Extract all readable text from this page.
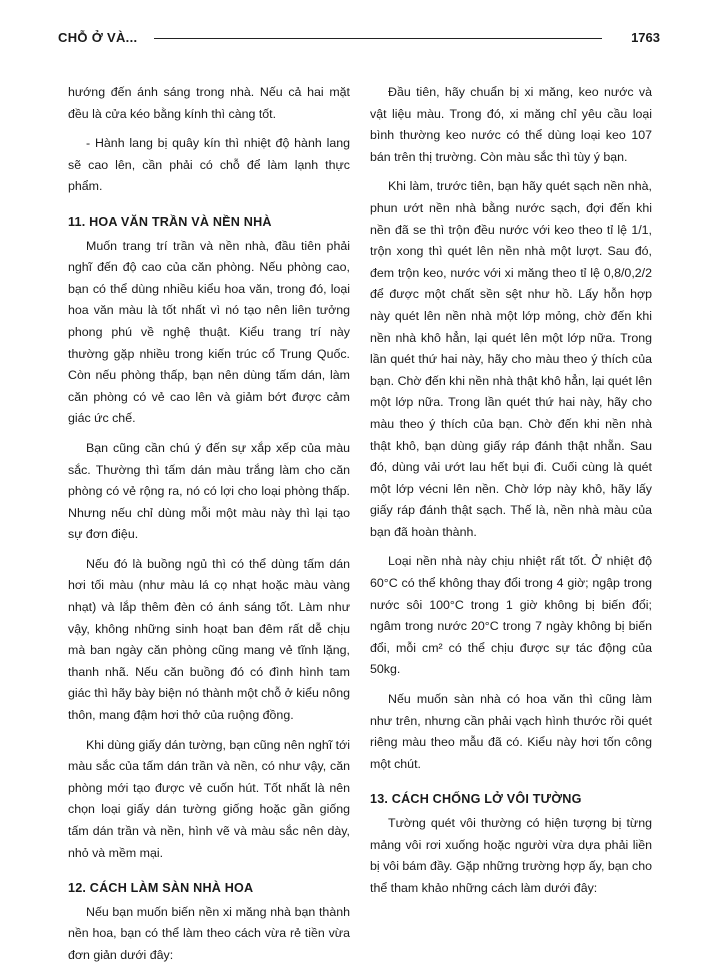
CHỖ Ở VÀ...	1763

hướng đến ánh sáng trong nhà. Nếu cả hai mặt đều là cửa kéo bằng kính thì càng tốt.

- Hành lang bị quây kín thì nhiệt độ hành lang sẽ cao lên, cần phải có chỗ để làm lạnh thực phẩm.

11. HOA VĂN TRẦN VÀ NỀN NHÀ

Muốn trang trí trần và nền nhà, đầu tiên phải nghĩ đến độ cao của căn phòng. Nếu phòng cao, bạn có thể dùng nhiều kiểu hoa văn, trong đó, loại hoa văn màu là tốt nhất vì nó tạo nên liên tưởng phong phú về nghệ thuật. Kiểu trang trí này thường gặp nhiều trong kiến trúc cổ Trung Quốc. Còn nếu phòng thấp, bạn nên dùng tấm dán, làm căn phòng có vẻ cao lên và giảm bớt được cảm giác ức chế.

Bạn cũng cần chú ý đến sự xắp xếp của màu sắc. Thường thì tấm dán màu trắng làm cho căn phòng có vẻ rộng ra, nó có lợi cho loại phòng thấp. Nhưng nếu chỉ dùng mỗi một màu này thì lại tạo sự đơn điệu.

Nếu đó là buồng ngủ thì có thể dùng tấm dán hơi tối màu (như màu lá cọ nhạt hoặc màu vàng nhạt) và lắp thêm đèn có ánh sáng tốt. Làm như vậy, không những sinh hoạt ban đêm rất dễ chịu mà ban ngày căn phòng cũng mang vẻ tĩnh lặng, thanh nhã. Nếu căn buồng đó có đình hình tam giác thì hãy bày biện nó thành một chỗ ở kiểu nông thôn, mang đậm hơi thở của ruộng đồng.

Khi dùng giấy dán tường, bạn cũng nên nghĩ tới màu sắc của tấm dán trần và nền, có như vậy, căn phòng mới tạo được vẻ cuốn hút. Tốt nhất là nên chọn loại giấy dán tường giống hoặc gần giống tấm dán trần và nền, hình vẽ và màu sắc nên dày, nhỏ và mềm mại.

12. CÁCH LÀM SÀN NHÀ HOA

Nếu bạn muốn biến nền xi măng nhà bạn thành nền hoa, bạn có thể làm theo cách vừa rẻ tiền vừa đơn giản dưới đây:

Đầu tiên, hãy chuẩn bị xi măng, keo nước và vật liệu màu. Trong đó, xi măng chỉ yêu cầu loại bình thường keo nước có thể dùng loại keo 107 bán trên thị trường. Còn màu sắc thì tùy ý bạn.

Khi làm, trước tiên, bạn hãy quét sạch nền nhà, phun ướt nền nhà bằng nước sạch, đợi đến khi nền đã se thì trộn đều nước với keo theo tỉ lệ 1/1, trộn xong thì quét lên nền nhà một lượt. Sau đó, đem trộn keo, nước với xi măng theo tỉ lệ 0,8/0,2/2 để được một chất sền sệt như hồ. Lấy hỗn hợp này quét lên nền nhà một lớp mỏng, chờ đến khi nền nhà khô hẳn, lại quét lên một lớp nữa. Trong lần quét thứ hai này, hãy cho màu theo ý thích của bạn. Chờ đến khi nền nhà thật khô hẳn, lại quét lên một lớp nữa. Trong lần quét thứ hai này, hãy cho màu theo ý thích của bạn. Chờ đến khi nền nhà thật khô, bạn dùng giấy ráp đánh thật nhẵn. Sau đó, dùng vải ướt lau hết bụi đi. Cuối cùng là quét một lớp vécni lên nền. Chờ lớp này khô, hãy lấy giấy ráp đánh thật sạch. Thế là, nền nhà màu của bạn đã hoàn thành.

Loại nền nhà này chịu nhiệt rất tốt. Ở nhiệt độ 60°C có thể không thay đổi trong 4 giờ; ngập trong nước sôi 100°C trong 1 giờ không bị biến đổi; ngâm trong nước 20°C trong 7 ngày không bị biến đổi, mỗi cm² có thể chịu được sự tác động của 50kg.

Nếu muốn sàn nhà có hoa văn thì cũng làm như trên, nhưng cần phải vạch hình thước rồi quét riêng màu theo mẫu đã có. Kiểu này hơi tốn công một chút.

13. CÁCH CHỐNG LỞ VÔI TƯỜNG

Tường quét vôi thường có hiện tượng bị từng mảng vôi rơi xuống hoặc người vừa dựa phải liền bị vôi bám đầy. Gặp những trường hợp ấy, bạn cho thể tham khảo những cách làm dưới đây:
